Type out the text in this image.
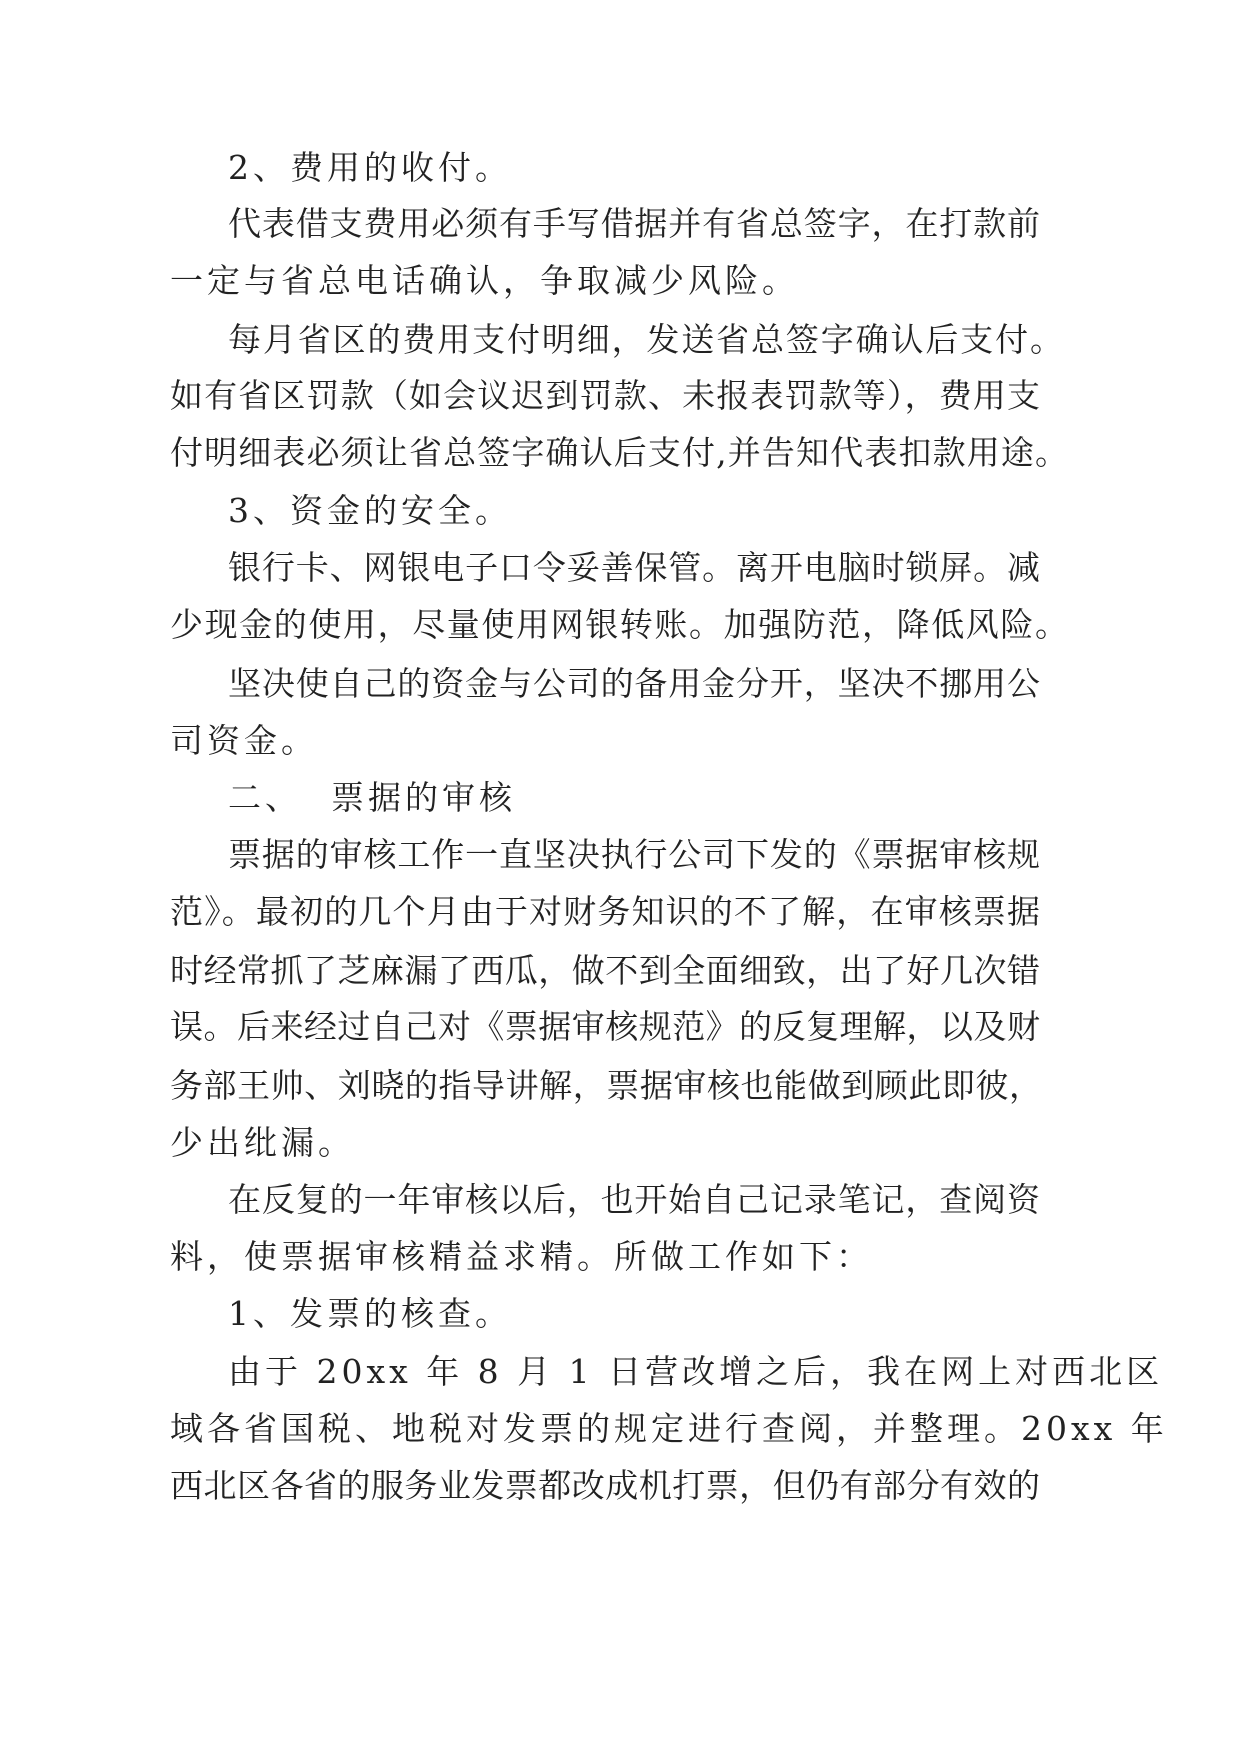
2、费用的收付。
代表借支费用必须有手写借据并有省总签字，在打款前
一定与省总电话确认，争取减少风险。
每月省区的费用支付明细，发送省总签字确认后支付。
如有省区罚款（如会议迟到罚款、未报表罚款等），费用支
付明细表必须让省总签字确认后支付,并告知代表扣款用途。
3、资金的安全。
银行卡、网银电子口令妥善保管。离开电脑时锁屏。减
少现金的使用，尽量使用网银转账。加强防范，降低风险。
坚决使自己的资金与公司的备用金分开，坚决不挪用公
司资金。
二、  票据的审核
票据的审核工作一直坚决执行公司下发的《票据审核规
范》。最初的几个月由于对财务知识的不了解，在审核票据
时经常抓了芝麻漏了西瓜，做不到全面细致，出了好几次错
误。后来经过自己对《票据审核规范》的反复理解，以及财
务部王帅、刘晓的指导讲解，票据审核也能做到顾此即彼，
少出纰漏。
在反复的一年审核以后，也开始自己记录笔记，查阅资
料，使票据审核精益求精。所做工作如下：
1、发票的核查。
由于 20xx 年 8 月 1 日营改增之后，我在网上对西北区
域各省国税、地税对发票的规定进行查阅，并整理。20xx 年
西北区各省的服务业发票都改成机打票，但仍有部分有效的
